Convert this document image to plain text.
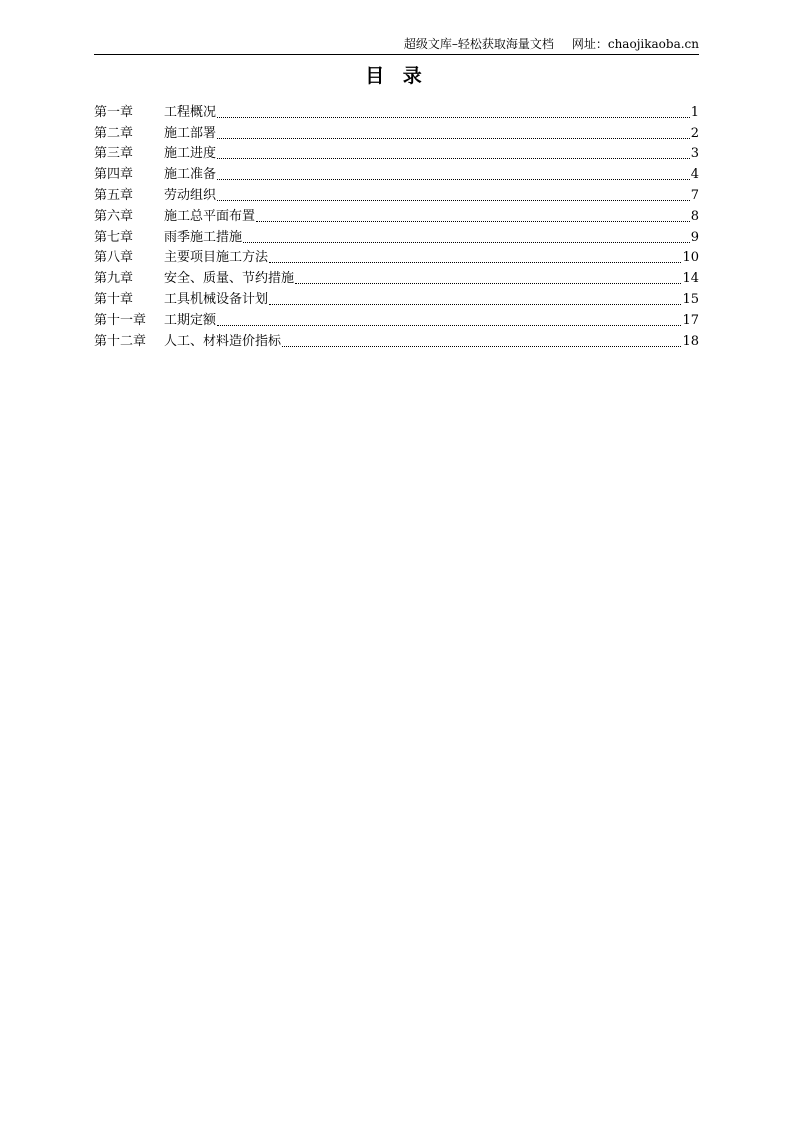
超级文库–轻松获取海量文档 网址：chaojikaoba.cn
目 录
第一章	工程概况	1
第二章	施工部署	2
第三章	施工进度	3
第四章	施工准备	4
第五章	劳动组织	7
第六章	施工总平面布置	8
第七章	雨季施工措施	9
第八章	主要项目施工方法	10
第九章	安全、质量、节约措施	14
第十章	工具机械设备计划	15
第十一章	工期定额	17
第十二章	人工、材料造价指标	18
